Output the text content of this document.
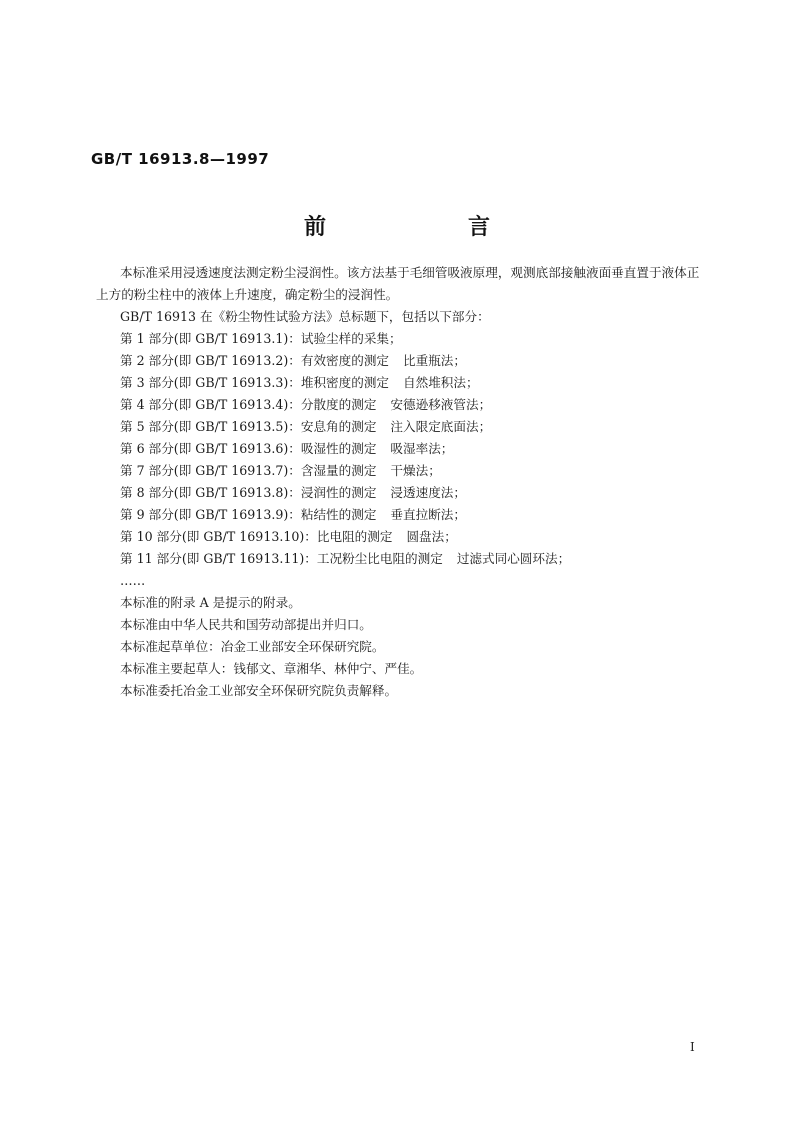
GB/T 16913.8—1997
前　言

本标准采用浸透速度法测定粉尘浸润性。该方法基于毛细管吸液原理，观测底部接触液面垂直置于液体正上方的粉尘柱中的液体上升速度，确定粉尘的浸润性。

GB/T 16913 在《粉尘物性试验方法》总标题下，包括以下部分：

第 1 部分(即 GB/T 16913.1)：试验尘样的采集；

第 2 部分(即 GB/T 16913.2)：有效密度的测定 比重瓶法；

第 3 部分(即 GB/T 16913.3)：堆积密度的测定 自然堆积法；

第 4 部分(即 GB/T 16913.4)：分散度的测定 安德逊移液管法；

第 5 部分(即 GB/T 16913.5)：安息角的测定 注入限定底面法；

第 6 部分(即 GB/T 16913.6)：吸湿性的测定 吸湿率法；

第 7 部分(即 GB/T 16913.7)：含湿量的测定 干燥法；

第 8 部分(即 GB/T 16913.8)：浸润性的测定 浸透速度法；

第 9 部分(即 GB/T 16913.9)：粘结性的测定 垂直拉断法；

第 10 部分(即 GB/T 16913.10)：比电阻的测定 圆盘法；

第 11 部分(即 GB/T 16913.11)：工况粉尘比电阻的测定 过滤式同心圆环法；

……

本标准的附录 A 是提示的附录。

本标准由中华人民共和国劳动部提出并归口。

本标准起草单位：冶金工业部安全环保研究院。

本标准主要起草人：钱郁文、章湘华、林仲宁、严佳。

本标准委托冶金工业部安全环保研究院负责解释。

I
